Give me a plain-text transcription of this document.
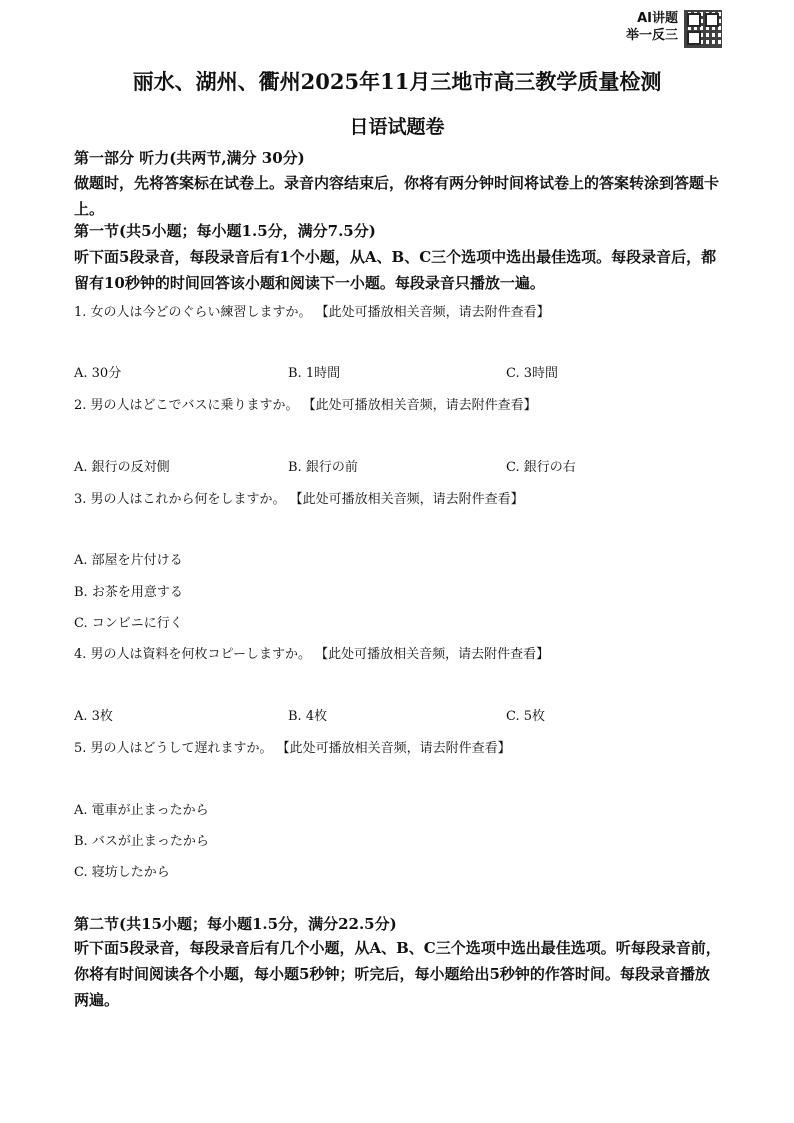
AI讲题
举一反三
丽水、湖州、衢州2025年11月三地市高三教学质量检测
日语试题卷
第一部分 听力(共两节,满分 30分)
做题时，先将答案标在试卷上。录音内容结束后，你将有两分钟时间将试卷上的答案转涂到答题卡上。
第一节(共5小题；每小题1.5分，满分7.5分)
听下面5段录音，每段录音后有1个小题，从A、B、C三个选项中选出最佳选项。每段录音后，都留有10秒钟的时间回答该小题和阅读下一小题。每段录音只播放一遍。
1. 女の人は今どのぐらい練習しますか。 【此处可播放相关音频，请去附件查看】
A. 30分	B. 1時間	C. 3時間
2. 男の人はどこでバスに乗りますか。 【此处可播放相关音频，请去附件查看】
A. 銀行の反対側	B. 銀行の前	C. 銀行の右
3. 男の人はこれから何をしますか。 【此处可播放相关音频，请去附件查看】
A. 部屋を片付ける
B. お茶を用意する
C. コンビニに行く
4. 男の人は資料を何枚コピーしますか。 【此处可播放相关音频，请去附件查看】
A. 3枚	B. 4枚	C. 5枚
5. 男の人はどうして遅れますか。 【此处可播放相关音频，请去附件查看】
A. 電車が止まったから
B. バスが止まったから
C. 寝坊したから
第二节(共15小题；每小题1.5分，满分22.5分)
听下面5段录音，每段录音后有几个小题，从A、B、C三个选项中选出最佳选项。听每段录音前，你将有时间阅读各个小题，每小题5秒钟；听完后，每小题给出5秒钟的作答时间。每段录音播放两遍。
